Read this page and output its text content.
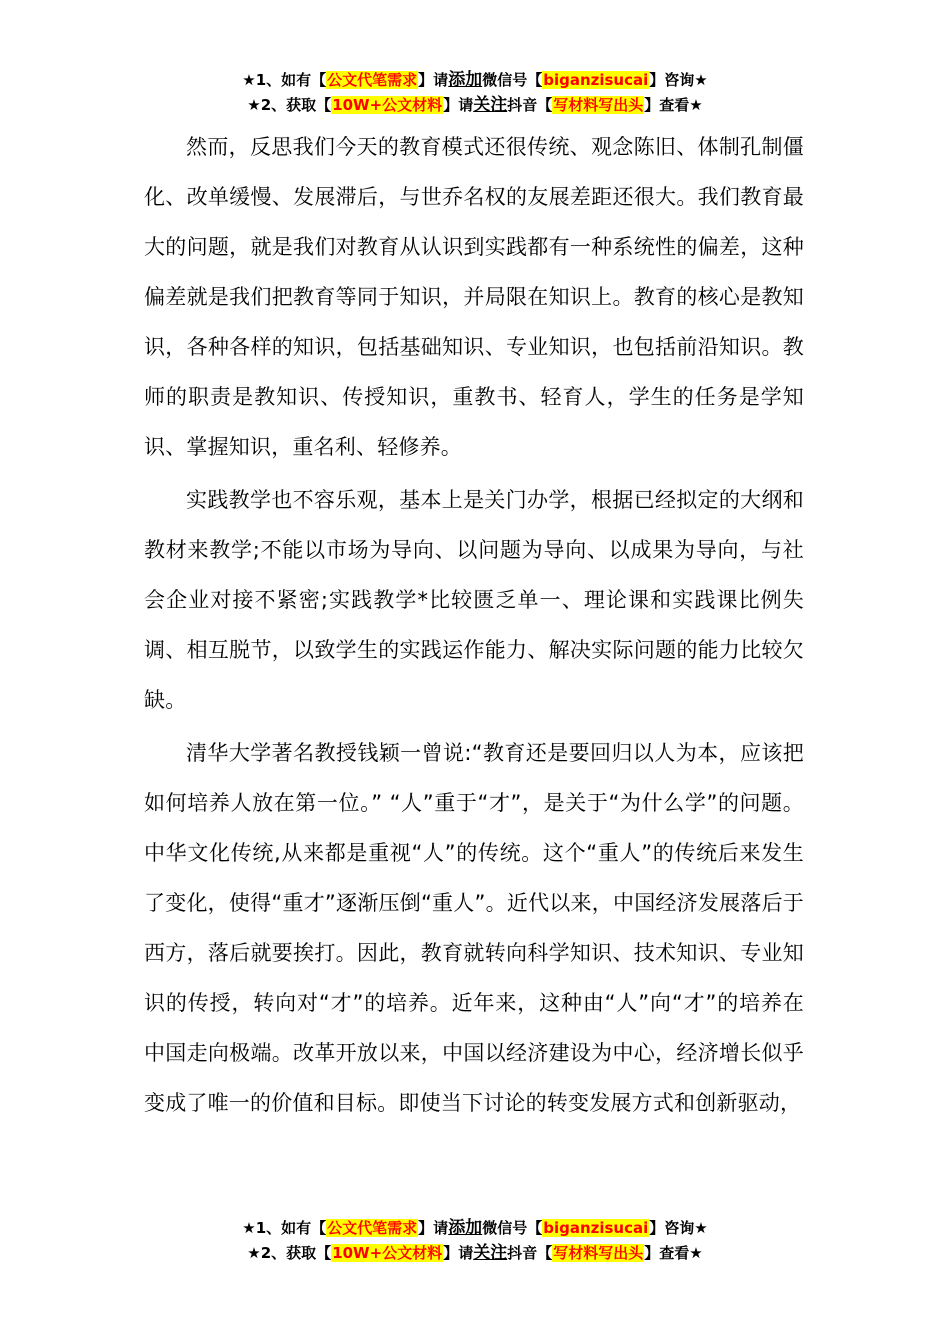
★1、如有【公文代笔需求】请添加微信号【biganzisucai】咨询★
★2、获取【10W+公文材料】请关注抖音【写材料写出头】查看★

然而，反思我们今天的教育模式还很传统、观念陈旧、体制孔制僵化、改单缓慢、发展滞后，与世乔名权的友展差距还很大。我们教育最大的问题，就是我们对教育从认识到实践都有一种系统性的偏差，这种偏差就是我们把教育等同于知识，并局限在知识上。教育的核心是教知识，各种各样的知识，包括基础知识、专业知识，也包括前沿知识。教师的职责是教知识、传授知识，重教书、轻育人，学生的任务是学知识、掌握知识，重名利、轻修养。

实践教学也不容乐观，基本上是关门办学，根据已经拟定的大纲和教材来教学;不能以市场为导向、以问题为导向、以成果为导向，与社会企业对接不紧密;实践教学*比较匮乏单一、理论课和实践课比例失调、相互脱节，以致学生的实践运作能力、解决实际问题的能力比较欠缺。

清华大学著名教授钱颖一曾说:“教育还是要回归以人为本，应该把如何培养人放在第一位。” “人”重于“才”，是关于“为什么学”的问题。中华文化传统,从来都是重视“人”的传统。这个“重人”的传统后来发生了变化，使得“重才”逐渐压倒“重人”。近代以来，中国经济发展落后于西方，落后就要挨打。因此，教育就转向科学知识、技术知识、专业知识的传授，转向对“才”的培养。近年来，这种由“人”向“才”的培养在中国走向极端。改革开放以来，中国以经济建设为中心，经济增长似乎变成了唯一的价值和目标。即使当下讨论的转变发展方式和创新驱动，

★1、如有【公文代笔需求】请添加微信号【biganzisucai】咨询★
★2、获取【10W+公文材料】请关注抖音【写材料写出头】查看★
